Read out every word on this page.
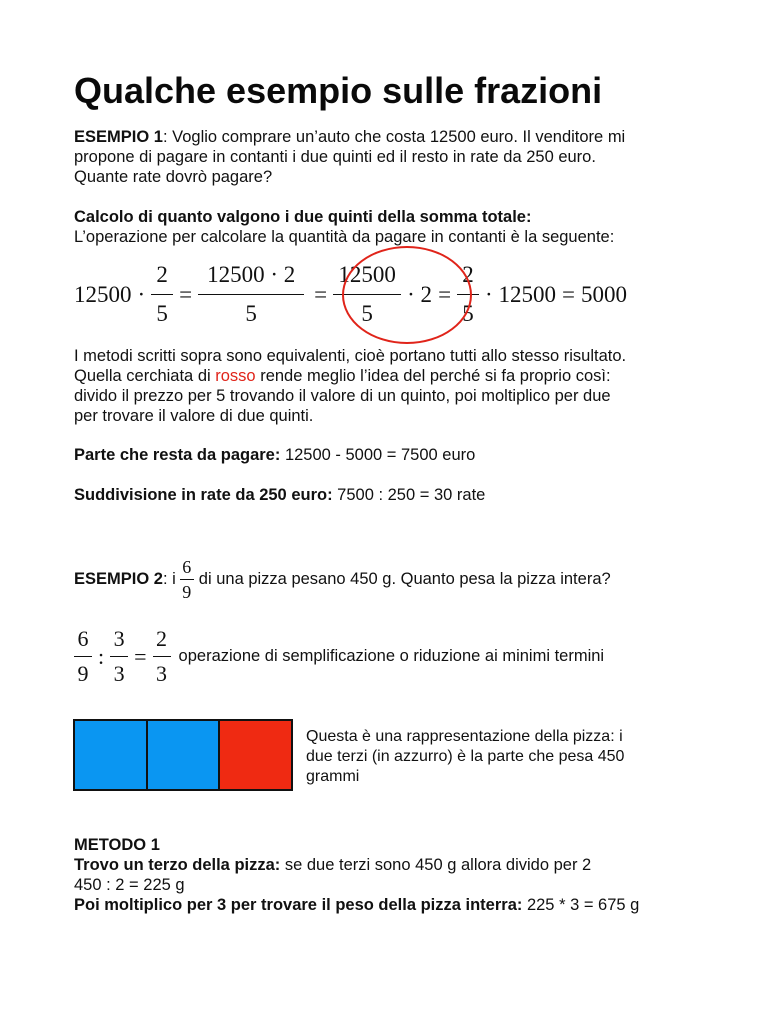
Qualche esempio sulle frazioni
ESEMPIO 1: Voglio comprare un’auto che costa 12500 euro. Il venditore mi
propone di pagare in contanti i due quinti ed il resto in rate da 250 euro.
Quante rate dovrò pagare?
Calcolo di quanto valgono i due quinti della somma totale:
L’operazione per calcolare la quantità da pagare in contanti è la seguente:
$12500 \cdot \frac{2}{5} = \frac{12500 \cdot 2}{5} = \frac{12500}{5} \cdot 2 = \frac{2}{5} \cdot 12500 = 5000$
I metodi scritti sopra sono equivalenti, cioè portano tutti allo stesso risultato.
Quella cerchiata di rosso rende meglio l’idea del perché si fa proprio così:
divido il prezzo per 5 trovando il valore di un quinto, poi moltiplico per due
per trovare il valore di due quinti.
Parte che resta da pagare: 12500 - 5000 = 7500 euro
Suddivisione in rate da 250 euro: 7500 : 250 = 30 rate
ESEMPIO 2 : i $\frac{6}{9}$ di una pizza pesano 450 g. Quanto pesa la pizza intera?
$\frac{6}{9}$ : $\frac{3}{3} = \frac{2}{3}$ operazione di semplificazione o riduzione ai minimi termini
Questa è una rappresentazione della pizza: i
due terzi (in azzurro) è la parte che pesa 450
grammi
METODO 1
Trovo un terzo della pizza: se due terzi sono 450 g allora divido per 2
450 : 2 = 225 g
Poi moltiplico per 3 per trovare il peso della pizza interra: 225 * 3 = 675 g
